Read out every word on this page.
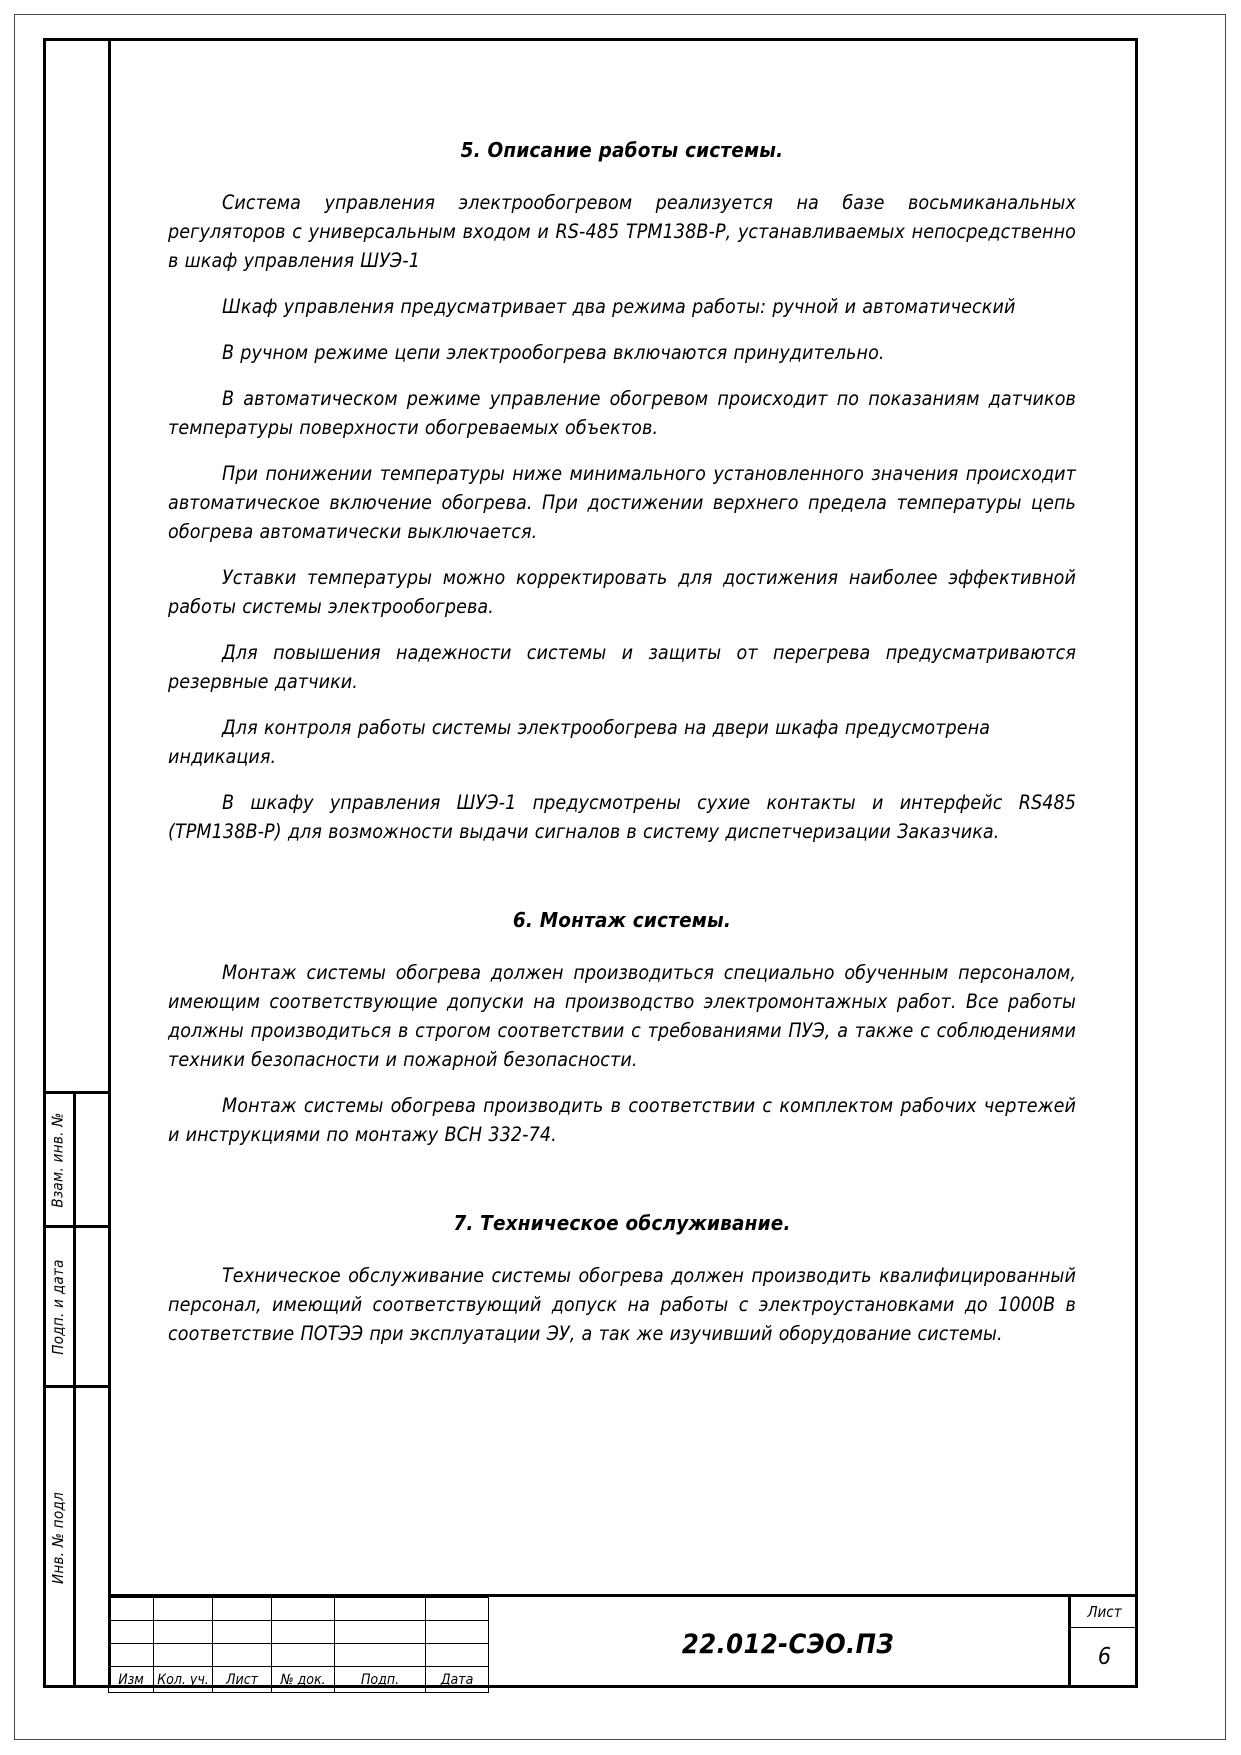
Взам. инв. №
Подп. и дата
Инв. № подл
5. Описание работы системы.

Система управления электрообогревом реализуется на базе восьмиканальных регуляторов с универсальным входом и RS-485 ТРМ138В-Р, устанавливаемых непосредственно в шкаф управления ШУЭ-1

Шкаф управления предусматривает два режима работы: ручной и автоматический

В ручном режиме цепи электрообогрева включаются принудительно.

В автоматическом режиме управление обогревом происходит по показаниям датчиков температуры поверхности обогреваемых объектов.

При понижении температуры ниже минимального установленного значения происходит автоматическое включение обогрева. При достижении верхнего предела температуры цепь обогрева автоматически выключается.

Уставки температуры можно корректировать для достижения наиболее эффективной работы системы электрообогрева.

Для повышения надежности системы и защиты от перегрева предусматриваются резервные датчики.

Для контроля работы системы электрообогрева на двери шкафа предусмотрена индикация.

В шкафу управления ШУЭ-1 предусмотрены сухие контакты и интерфейс RS485 (ТРМ138В-Р) для возможности выдачи сигналов в систему диспетчеризации Заказчика.

6. Монтаж системы.

Монтаж системы обогрева должен производиться специально обученным персоналом, имеющим соответствующие допуски на производство электромонтажных работ. Все работы должны производиться в строгом соответствии с требованиями ПУЭ, а также с соблюдениями техники безопасности и пожарной безопасности.

Монтаж системы обогрева производить в соответствии с комплектом рабочих чертежей и инструкциями по монтажу ВСН 332-74.

7. Техническое обслуживание.

Техническое обслуживание системы обогрева должен производить квалифицированный персонал, имеющий соответствующий допуск на работы с электроустановками до 1000В в соответствие ПОТЭЭ при эксплуатации ЭУ, а так же изучивший оборудование системы.

Изм	Кол. уч.	Лист	№ док.	Подп.	Дата
22.012-СЭО.ПЗ
Лист
6
